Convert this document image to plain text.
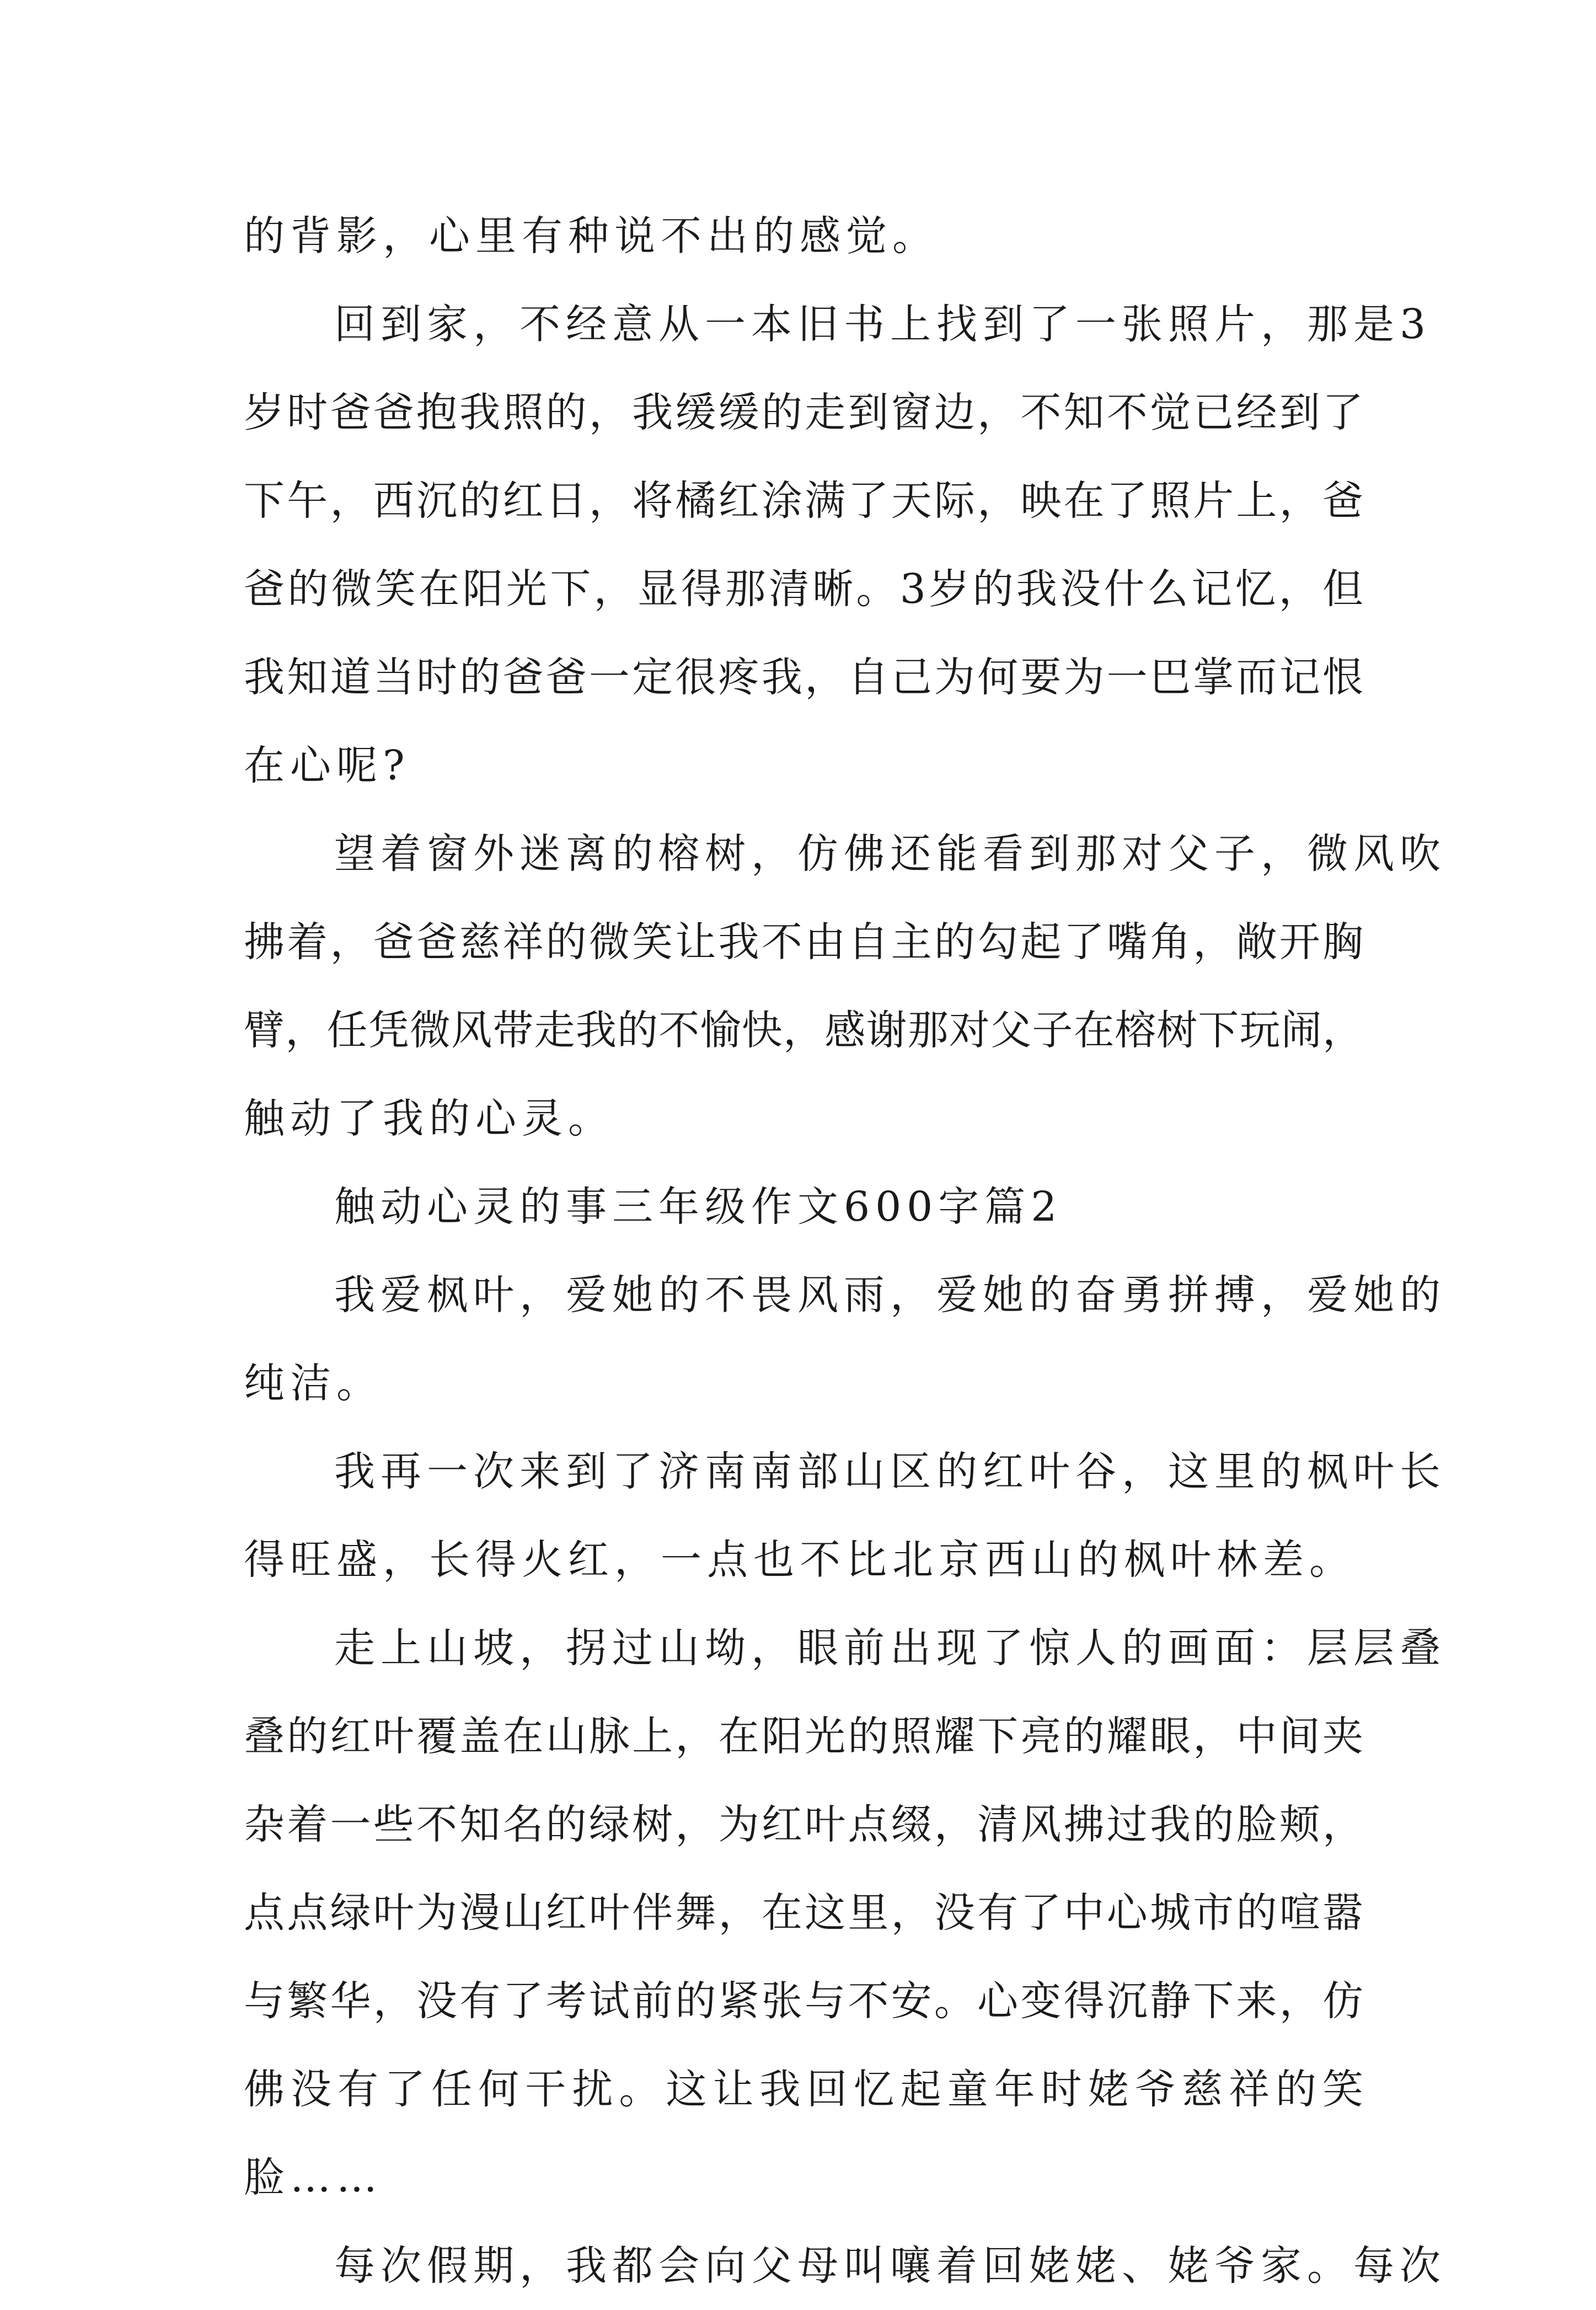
的背影，心里有种说不出的感觉。
回到家，不经意从一本旧书上找到了一张照片，那是3
岁时爸爸抱我照的，我缓缓的走到窗边，不知不觉已经到了
下午，西沉的红日，将橘红涂满了天际，映在了照片上，爸
爸的微笑在阳光下，显得那清晰。3岁的我没什么记忆，但
我知道当时的爸爸一定很疼我，自己为何要为一巴掌而记恨
在心呢?
望着窗外迷离的榕树，仿佛还能看到那对父子，微风吹
拂着，爸爸慈祥的微笑让我不由自主的勾起了嘴角，敞开胸
臂，任凭微风带走我的不愉快，感谢那对父子在榕树下玩闹，
触动了我的心灵。
触动心灵的事三年级作文600字篇2
我爱枫叶，爱她的不畏风雨，爱她的奋勇拼搏，爱她的
纯洁。
我再一次来到了济南南部山区的红叶谷，这里的枫叶长
得旺盛，长得火红，一点也不比北京西山的枫叶林差。
走上山坡，拐过山坳，眼前出现了惊人的画面：层层叠
叠的红叶覆盖在山脉上，在阳光的照耀下亮的耀眼，中间夹
杂着一些不知名的绿树，为红叶点缀，清风拂过我的脸颊，
点点绿叶为漫山红叶伴舞，在这里，没有了中心城市的喧嚣
与繁华，没有了考试前的紧张与不安。心变得沉静下来，仿
佛没有了任何干扰。这让我回忆起童年时姥爷慈祥的笑
脸……
每次假期，我都会向父母叫嚷着回姥姥、姥爷家。每次
